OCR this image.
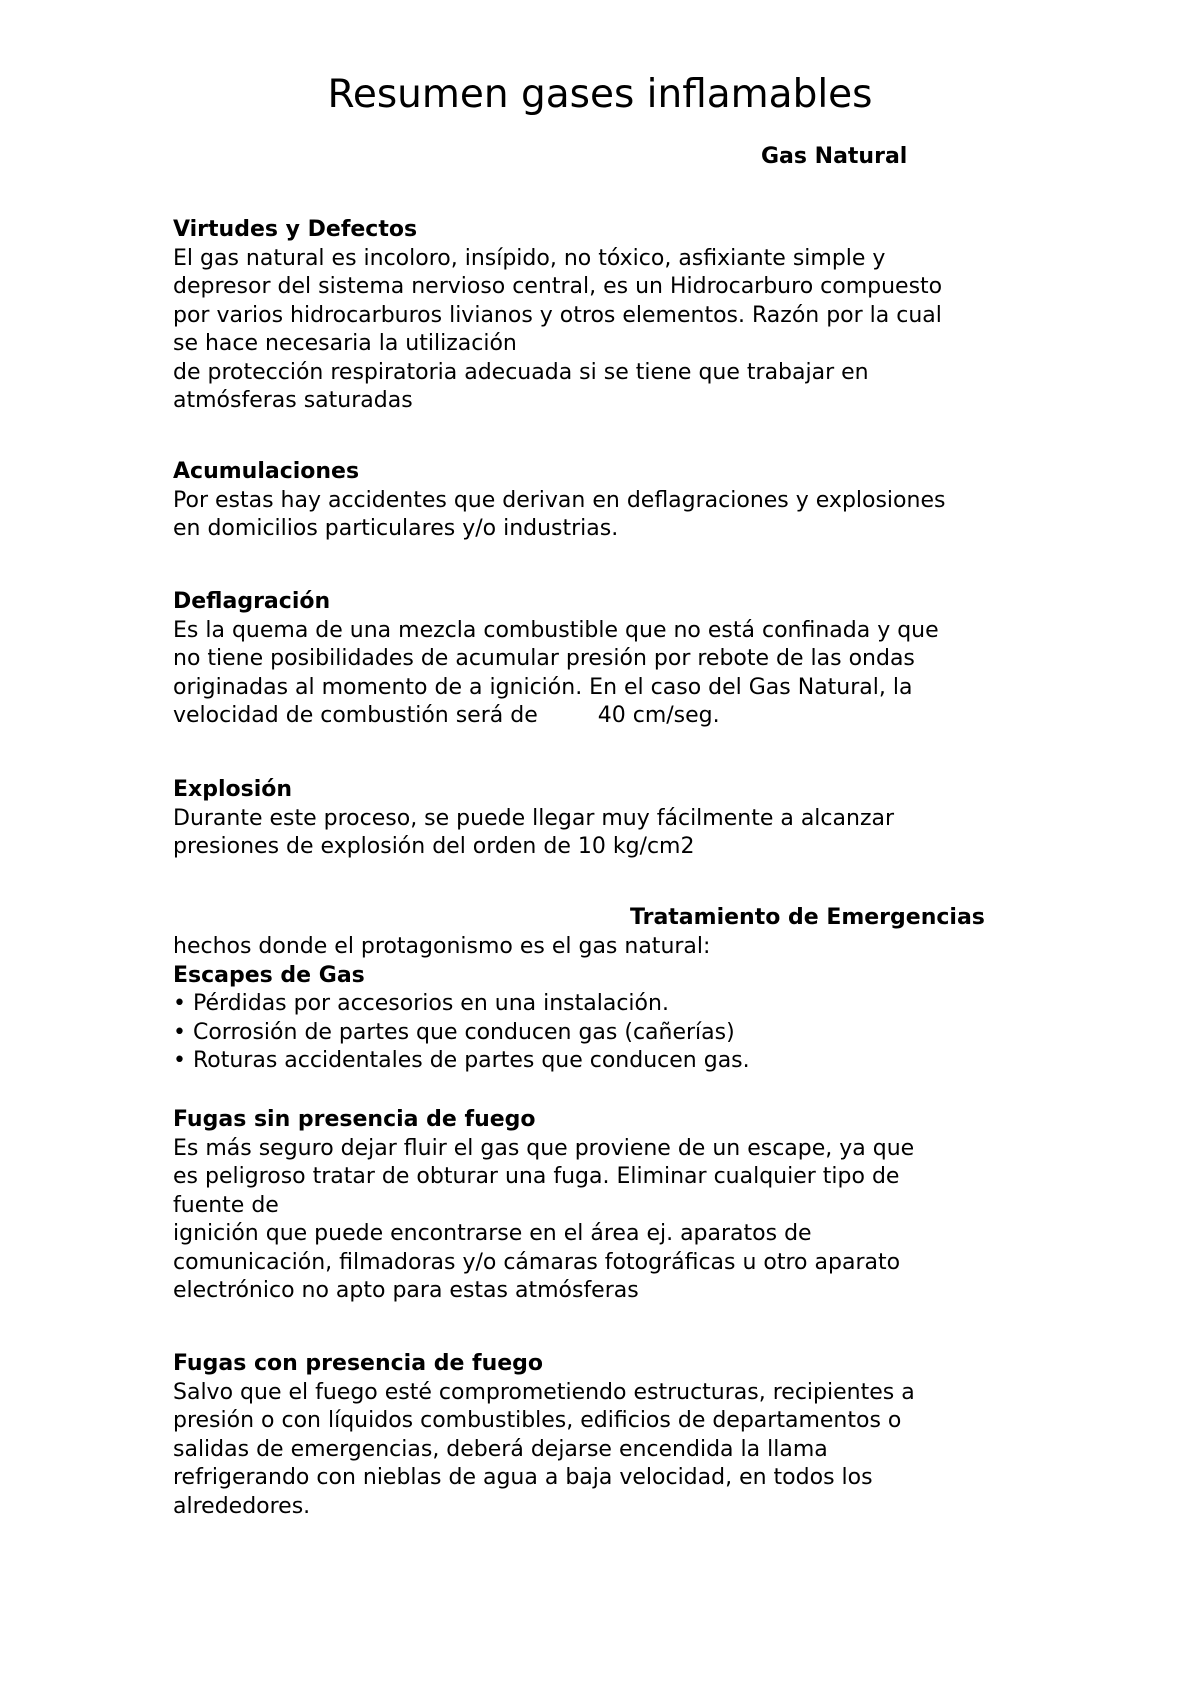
Resumen gases inflamables

Gas Natural

Virtudes y Defectos

El gas natural es incoloro, insípido, no tóxico, asfixiante simple y

depresor del sistema nervioso central, es un Hidrocarburo compuesto

por varios hidrocarburos livianos y otros elementos. Razón por la cual

se hace necesaria la utilización

de protección respiratoria adecuada si se tiene que trabajar en

atmósferas saturadas

Acumulaciones

Por estas hay accidentes que derivan en deflagraciones y explosiones

en domicilios particulares y/o industrias.

Deflagración

Es la quema de una mezcla combustible que no está confinada y que

no tiene posibilidades de acumular presión por rebote de las ondas

originadas al momento de a ignición. En el caso del Gas Natural, la

velocidad de combustión será de	40 cm/seg.

Explosión

Durante este proceso, se puede llegar muy fácilmente a alcanzar

presiones de explosión del orden de 10 kg/cm2

Tratamiento de Emergencias

hechos donde el protagonismo es el gas natural:

Escapes de Gas

• Pérdidas por accesorios en una instalación.

• Corrosión de partes que conducen gas (cañerías)

• Roturas accidentales de partes que conducen gas.

Fugas sin presencia de fuego

Es más seguro dejar fluir el gas que proviene de un escape, ya que

es peligroso tratar de obturar una fuga. Eliminar cualquier tipo de

fuente de

ignición que puede encontrarse en el área ej. aparatos de

comunicación, filmadoras y/o cámaras fotográficas u otro aparato

electrónico no apto para estas atmósferas

Fugas con presencia de fuego

Salvo que el fuego esté comprometiendo estructuras, recipientes a

presión o con líquidos combustibles, edificios de departamentos o

salidas de emergencias, deberá dejarse encendida la llama

refrigerando con nieblas de agua a baja velocidad, en todos los

alrededores.
